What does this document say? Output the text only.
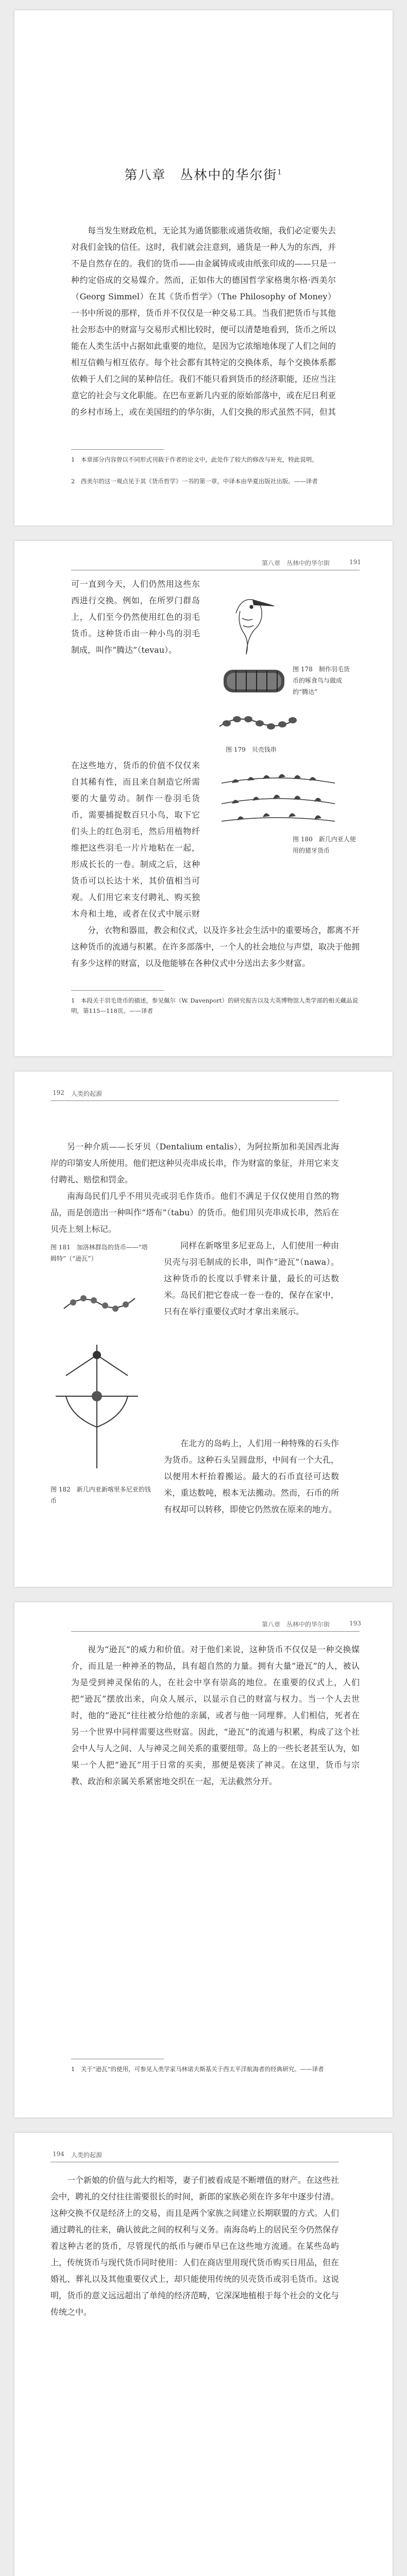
第八章　丛林中的华尔街$^1$

每当发生财政危机，无论其为通货膨胀或通货收缩，我们必定要失去对我们金钱的信任。这时，我们就会注意到，通货是一种人为的东西，并不是自然存在的。我们的货币——由金属铸成或由纸张印成的——只是一种约定俗成的交易媒介。然而，正如伟大的德国哲学家格奥尔格·西美尔（Georg Simmel）在其《货币哲学》（The Philosophy of Money）一书中所说的那样，货币并不仅仅是一种交易工具。当我们把货币与其他社会形态中的财富与交易形式相比较时，便可以清楚地看到，货币之所以能在人类生活中占据如此重要的地位，是因为它浓缩地体现了人们之间的相互信赖与相互依存。每个社会都有其特定的交换体系，每个交换体系都依赖于人们之间的某种信任。我们不能只看到货币的经济职能，还应当注意它的社会与文化职能。在巴布亚新几内亚的原始部落中，或在尼日利亚的乡村市场上，或在美国纽约的华尔街，人们交换的形式虽然不同，但其

1　本章部分内容曾以不同形式刊载于作者的论文中，此处作了较大的修改与补充，特此说明。

2　西美尔的这一观点见于其《货币哲学》一书的第一章，中译本由华夏出版社出版。——译者

第八章　丛林中的华尔街	191

可一直到今天，人们仍然用这些东西进行交换。例如，在所罗门群岛上，人们至今仍然使用红色的羽毛货币。这种货币由一种小鸟的羽毛制成，叫作“腾达”（tevau）。

在这些地方，货币的价值不仅仅来自其稀有性，而且来自制造它所需要的大量劳动。制作一卷羽毛货币，需要捕捉数百只小鸟，取下它们头上的红色羽毛，然后用植物纤维把这些羽毛一片片地粘在一起，形成长长的一卷。制成之后，这种货币可以长达十米，其价值相当可观。人们用它来支付聘礼、购买独木舟和土地，或者在仪式中展示财

图 178　制作羽毛货币的啄食鸟与做成的“腾达”

图 179　贝壳钱串

图 180　新几内亚人使用的猪牙货币

分，衣物和器皿，教会和仪式，以及许多社会生活中的重要场合，都离不开这种货币的流通与积累。在许多部落中，一个人的社会地位与声望，取决于他拥有多少这样的财富，以及他能够在各种仪式中分送出去多少财富。

1　本段关于羽毛货币的描述，参见佩尔（W. Davenport）的研究报告以及大英博物馆人类学部的相关藏品说明，第115—118页。——译者

192 人类的起源

另一种介质——长牙贝（Dentalium entalis），为阿拉斯加和美国西北海岸的印第安人所使用。他们把这种贝壳串成长串，作为财富的象征，并用它来支付聘礼、赔偿和罚金。

南海岛民们几乎不用贝壳或羽毛作货币。他们不满足于仅仅使用自然的物品，而是创造出一种叫作“塔布”（tabu）的货币。他们用贝壳串成长串，然后在贝壳上刻上标记。

图 181　加洛林群岛的货币——“塔姆特”（“逊瓦”）

图 182　新几内亚新喀里多尼亚的钱币

同样在新喀里多尼亚岛上，人们使用一种由贝壳与羽毛制成的长串，叫作“逊瓦”（nawa）。这种货币的长度以手臂来计量，最长的可达数米。岛民们把它卷成一卷一卷的，保存在家中，只有在举行重要仪式时才拿出来展示。

在北方的岛屿上，人们用一种特殊的石头作为货币。这种石头呈圆盘形，中间有一个大孔，以便用木杆抬着搬运。最大的石币直径可达数米，重达数吨，根本无法搬动。然而，石币的所有权却可以转移，即使它仍然放在原来的地方。

第八章　丛林中的华尔街	193

视为“逊瓦”的威力和价值。对于他们来说，这种货币不仅仅是一种交换媒介，而且是一种神圣的物品，具有超自然的力量。拥有大量“逊瓦”的人，被认为是受到神灵保佑的人，在社会中享有崇高的地位。在重要的仪式上，人们把“逊瓦”摆放出来，向众人展示，以显示自己的财富与权力。当一个人去世时，他的“逊瓦”往往被分给他的亲属，或者与他一同埋葬。人们相信，死者在另一个世界中同样需要这些财富。因此，“逊瓦”的流通与积累，构成了这个社会中人与人之间、人与神灵之间关系的重要纽带。岛上的一些长老甚至认为，如果一个人把“逊瓦”用于日常的买卖，那便是亵渎了神灵。在这里，货币与宗教、政治和亲属关系紧密地交织在一起，无法截然分开。

1　关于“逊瓦”的使用，可参见人类学家马林诺夫斯基关于西太平洋航海者的经典研究。——译者

194 人类的起源

一个新娘的价值与此大约相等，妻子们被看成是不断增值的财产。在这些社会中，聘礼的交付往往需要很长的时间，新郎的家族必须在许多年中逐步付清。这种交换不仅是经济上的交易，而且是两个家族之间建立长期联盟的方式。人们通过聘礼的往来，确认彼此之间的权利与义务。南海岛屿上的居民至今仍然保存着这种古老的货币，尽管现代的纸币与硬币早已在这些地方流通。在某些岛屿上，传统货币与现代货币同时使用：人们在商店里用现代货币购买日用品，但在婚礼、葬礼以及其他重要仪式上，却只能使用传统的贝壳货币或羽毛货币。这说明，货币的意义远远超出了单纯的经济范畴，它深深地植根于每个社会的文化与传统之中。
